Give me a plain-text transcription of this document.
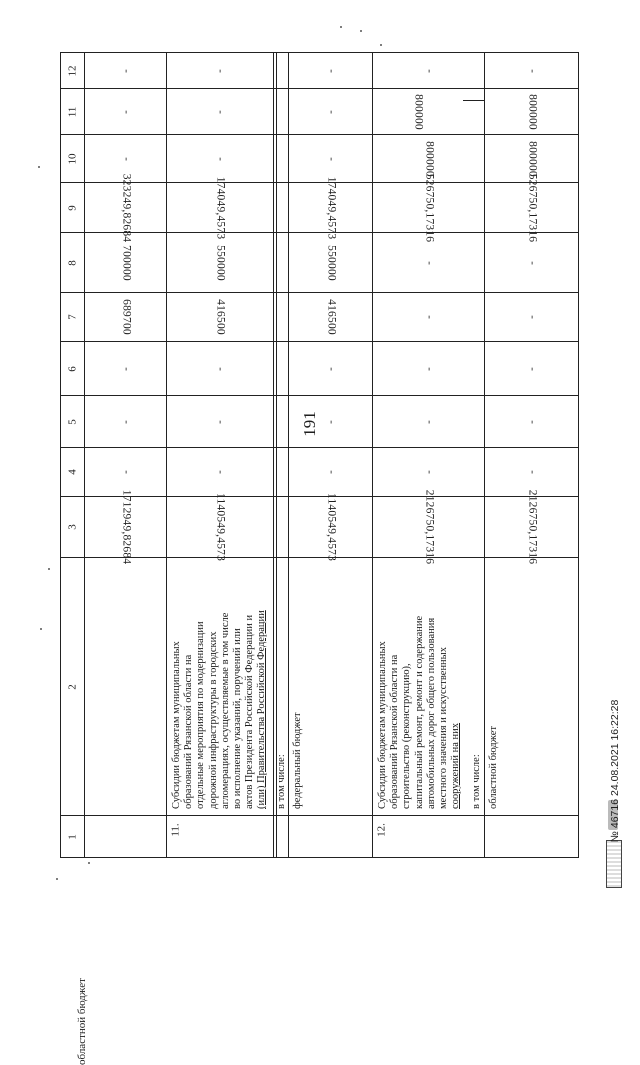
191
1
2
3
4
5
6
7
8
9
10
11
12
областной бюджет
1712949,82684
-
-
-
689700
700000
323249,82684
-
-
-
11.
Субсидии бюджетам муниципальных образований Рязанской области на отдельные мероприятия по модернизации дорожной инфраструктуры в городских агломерациях, осуществляемые в том числе во исполнение указаний, поручений или актов Президента Российской Федерации и (или) Правительства Российской Федерации
1140549,4573
-
-
-
416500
550000
174049,4573
-
-
-
в том числе: федеральный бюджет
1140549,4573
-
-
-
416500
550000
174049,4573
-
-
-
12.
Субсидии бюджетам муниципальных образований Рязанской области на строительство (реконструкцию), капитальный ремонт, ремонт и содержание автомобильных дорог общего пользования местного значения и искусственных сооружений на них в том числе:
2126750,17316
-
-
-
-
-
526750,17316
800000
800000
-
областной бюджет
2126750,17316
-
-
-
-
-
526750,17316
800000
800000
-
№ 46716 24.08.2021 16:22:28
